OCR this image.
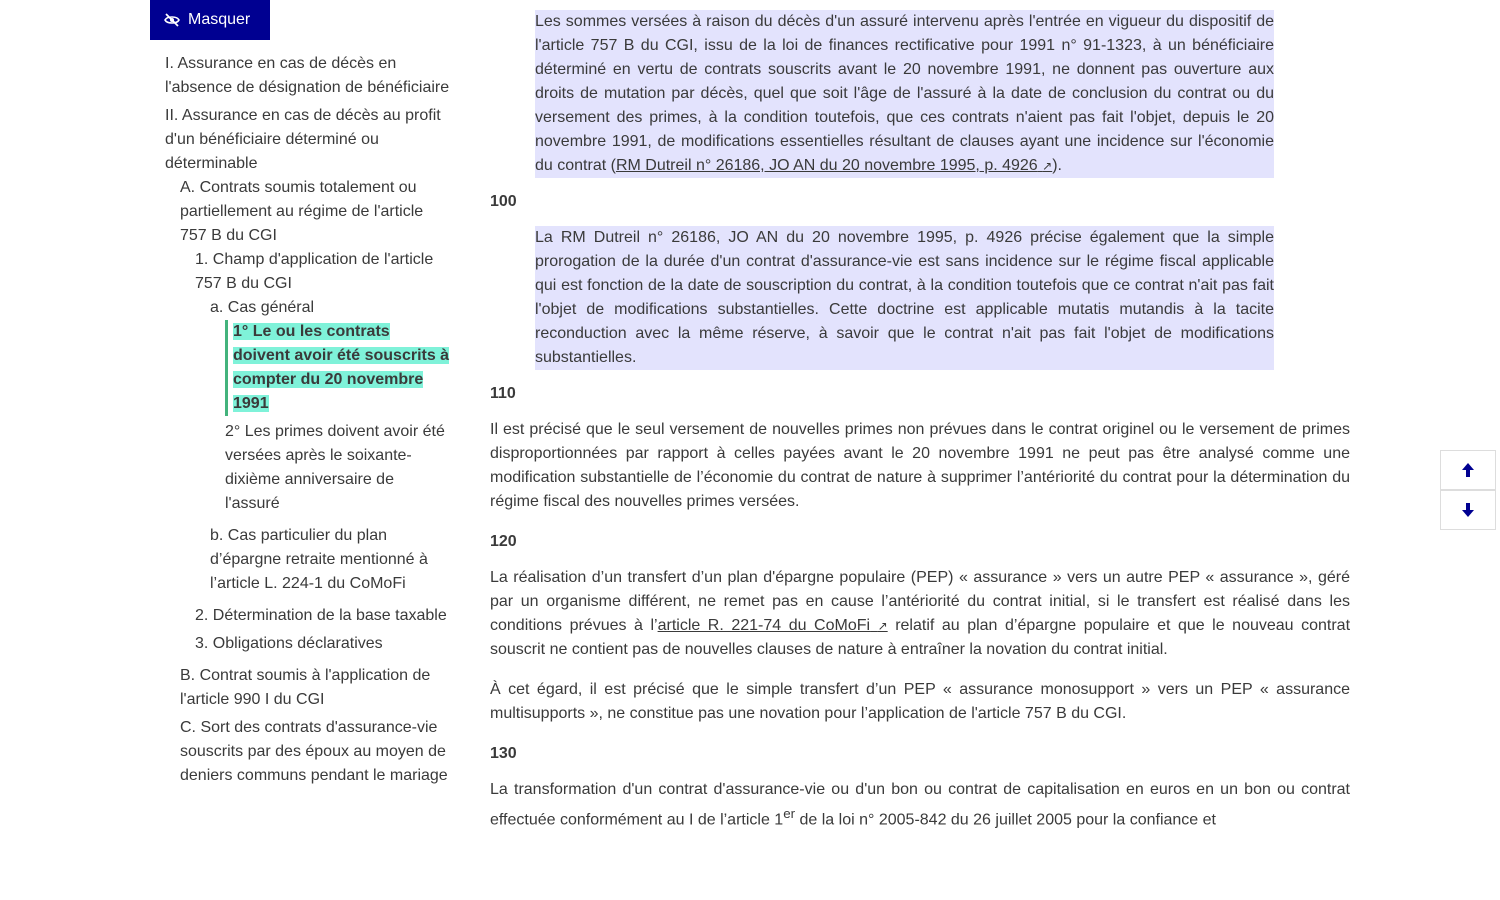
Masquer
I. Assurance en cas de décès en l'absence de désignation de bénéficiaire
II. Assurance en cas de décès au profit d'un bénéficiaire déterminé ou déterminable
A. Contrats soumis totalement ou partiellement au régime de l'article 757 B du CGI
1. Champ d'application de l'article 757 B du CGI
a. Cas général
1° Le ou les contrats doivent avoir été souscrits à compter du 20 novembre 1991
2° Les primes doivent avoir été versées après le soixante-dixième anniversaire de l'assuré
b. Cas particulier du plan d’épargne retraite mentionné à l’article L. 224-1 du CoMoFi
2. Détermination de la base taxable
3. Obligations déclaratives
B. Contrat soumis à l'application de l'article 990 I du CGI
C. Sort des contrats d'assurance-vie souscrits par des époux au moyen de deniers communs pendant le mariage
Les sommes versées à raison du décès d'un assuré intervenu après l'entrée en vigueur du dispositif de l'article 757 B du CGI, issu de la loi de finances rectificative pour 1991 n° 91-1323, à un bénéficiaire déterminé en vertu de contrats souscrits avant le 20 novembre 1991, ne donnent pas ouverture aux droits de mutation par décès, quel que soit l'âge de l'assuré à la date de conclusion du contrat ou du versement des primes, à la condition toutefois, que ces contrats n'aient pas fait l'objet, depuis le 20 novembre 1991, de modifications essentielles résultant de clauses ayant une incidence sur l'économie du contrat (RM Dutreil n° 26186, JO AN du 20 novembre 1995, p. 4926 ↗).
100
La RM Dutreil n° 26186, JO AN du 20 novembre 1995, p. 4926 précise également que la simple prorogation de la durée d'un contrat d'assurance-vie est sans incidence sur le régime fiscal applicable qui est fonction de la date de souscription du contrat, à la condition toutefois que ce contrat n'ait pas fait l'objet de modifications substantielles. Cette doctrine est applicable mutatis mutandis à la tacite reconduction avec la même réserve, à savoir que le contrat n'ait pas fait l'objet de modifications substantielles.
110

Il est précisé que le seul versement de nouvelles primes non prévues dans le contrat originel ou le versement de primes disproportionnées par rapport à celles payées avant le 20 novembre 1991 ne peut pas être analysé comme une modification substantielle de l’économie du contrat de nature à supprimer l’antériorité du contrat pour la détermination du régime fiscal des nouvelles primes versées.

120

La réalisation d’un transfert d’un plan d'épargne populaire (PEP) « assurance » vers un autre PEP « assurance », géré par un organisme différent, ne remet pas en cause l’antériorité du contrat initial, si le transfert est réalisé dans les conditions prévues à l’article R. 221-74 du CoMoFi ↗ relatif au plan d’épargne populaire et que le nouveau contrat souscrit ne contient pas de nouvelles clauses de nature à entraîner la novation du contrat initial.

À cet égard, il est précisé que le simple transfert d’un PEP « assurance monosupport » vers un PEP « assurance multisupports », ne constitue pas une novation pour l’application de l'article 757 B du CGI.

130

La transformation d'un contrat d'assurance-vie ou d'un bon ou contrat de capitalisation en euros en un bon ou contrat effectuée conformément au I de l’article 1er de la loi n° 2005-842 du 26 juillet 2005 pour la confiance et
